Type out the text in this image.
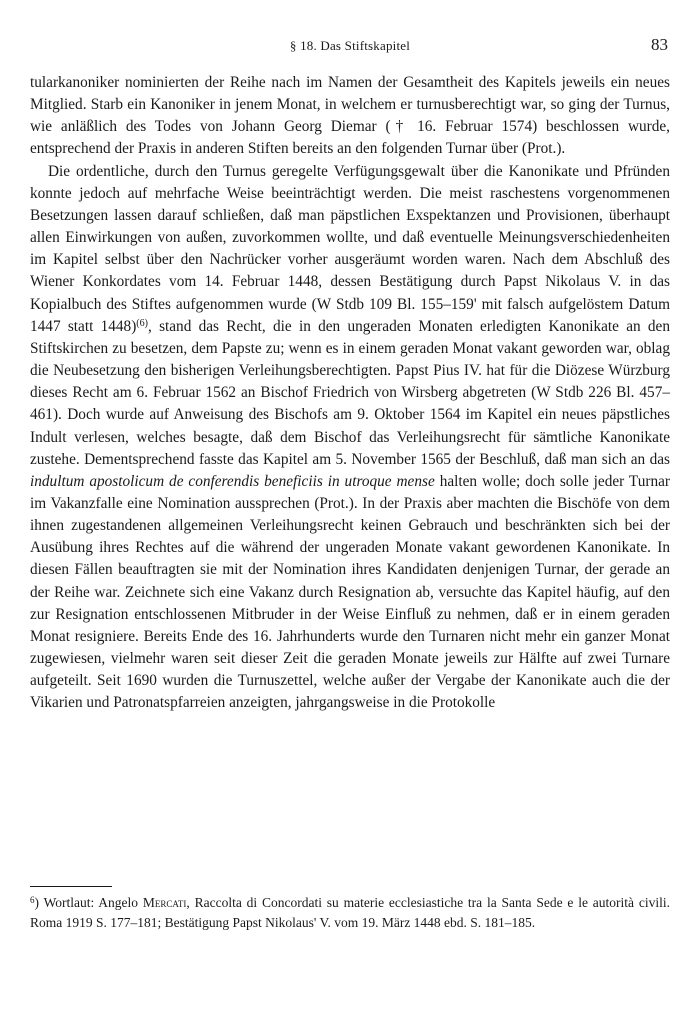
§ 18. Das Stiftskapitel	83

tularkanoniker nominierten der Reihe nach im Namen der Gesamtheit des Kapitels jeweils ein neues Mitglied. Starb ein Kanoniker in jenem Monat, in welchem er turnusberechtigt war, so ging der Turnus, wie anläßlich des Todes von Johann Georg Diemar († 16. Februar 1574) beschlossen wurde, entsprechend der Praxis in anderen Stiften bereits an den folgenden Turnar über (Prot.).

Die ordentliche, durch den Turnus geregelte Verfügungsgewalt über die Kanonikate und Pfründen konnte jedoch auf mehrfache Weise beeinträchtigt werden. Die meist raschestens vorgenommenen Besetzungen lassen darauf schließen, daß man päpstlichen Exspektanzen und Provisionen, überhaupt allen Einwirkungen von außen, zuvorkommen wollte, und daß eventuelle Meinungsverschiedenheiten im Kapitel selbst über den Nachrücker vorher ausgeräumt worden waren. Nach dem Abschluß des Wiener Konkordates vom 14. Februar 1448, dessen Bestätigung durch Papst Nikolaus V. in das Kopialbuch des Stiftes aufgenommen wurde (W Stdb 109 Bl. 155–159' mit falsch aufgelöstem Datum 1447 statt 1448)$^{(6)}$, stand das Recht, die in den ungeraden Monaten erledigten Kanonikate an den Stiftskirchen zu besetzen, dem Papste zu; wenn es in einem geraden Monat vakant geworden war, oblag die Neubesetzung den bisherigen Verleihungsberechtigten. Papst Pius IV. hat für die Diözese Würzburg dieses Recht am 6. Februar 1562 an Bischof Friedrich von Wirsberg abgetreten (W Stdb 226 Bl. 457–461). Doch wurde auf Anweisung des Bischofs am 9. Oktober 1564 im Kapitel ein neues päpstliches Indult verlesen, welches besagte, daß dem Bischof das Verleihungsrecht für sämtliche Kanonikate zustehe. Dementsprechend fasste das Kapitel am 5. November 1565 der Beschluß, daß man sich an das indultum apostolicum de conferendis beneficiis in utroque mense halten wolle; doch solle jeder Turnar im Vakanzfalle eine Nomination aussprechen (Prot.). In der Praxis aber machten die Bischöfe von dem ihnen zugestandenen allgemeinen Verleihungsrecht keinen Gebrauch und beschränkten sich bei der Ausübung ihres Rechtes auf die während der ungeraden Monate vakant gewordenen Kanonikate. In diesen Fällen beauftragten sie mit der Nomination ihres Kandidaten denjenigen Turnar, der gerade an der Reihe war. Zeichnete sich eine Vakanz durch Resignation ab, versuchte das Kapitel häufig, auf den zur Resignation entschlossenen Mitbruder in der Weise Einfluß zu nehmen, daß er in einem geraden Monat resigniere. Bereits Ende des 16. Jahrhunderts wurde den Turnaren nicht mehr ein ganzer Monat zugewiesen, vielmehr waren seit dieser Zeit die geraden Monate jeweils zur Hälfte auf zwei Turnare aufgeteilt. Seit 1690 wurden die Turnuszettel, welche außer der Vergabe der Kanonikate auch die der Vikarien und Patronatspfarreien anzeigten, jahrgangsweise in die Protokolle

$^6$) Wortlaut: Angelo Mercati, Raccolta di Concordati su materie ecclesiastiche tra la Santa Sede e le autorità civili. Roma 1919 S. 177–181; Bestätigung Papst Nikolaus' V. vom 19. März 1448 ebd. S. 181–185.
